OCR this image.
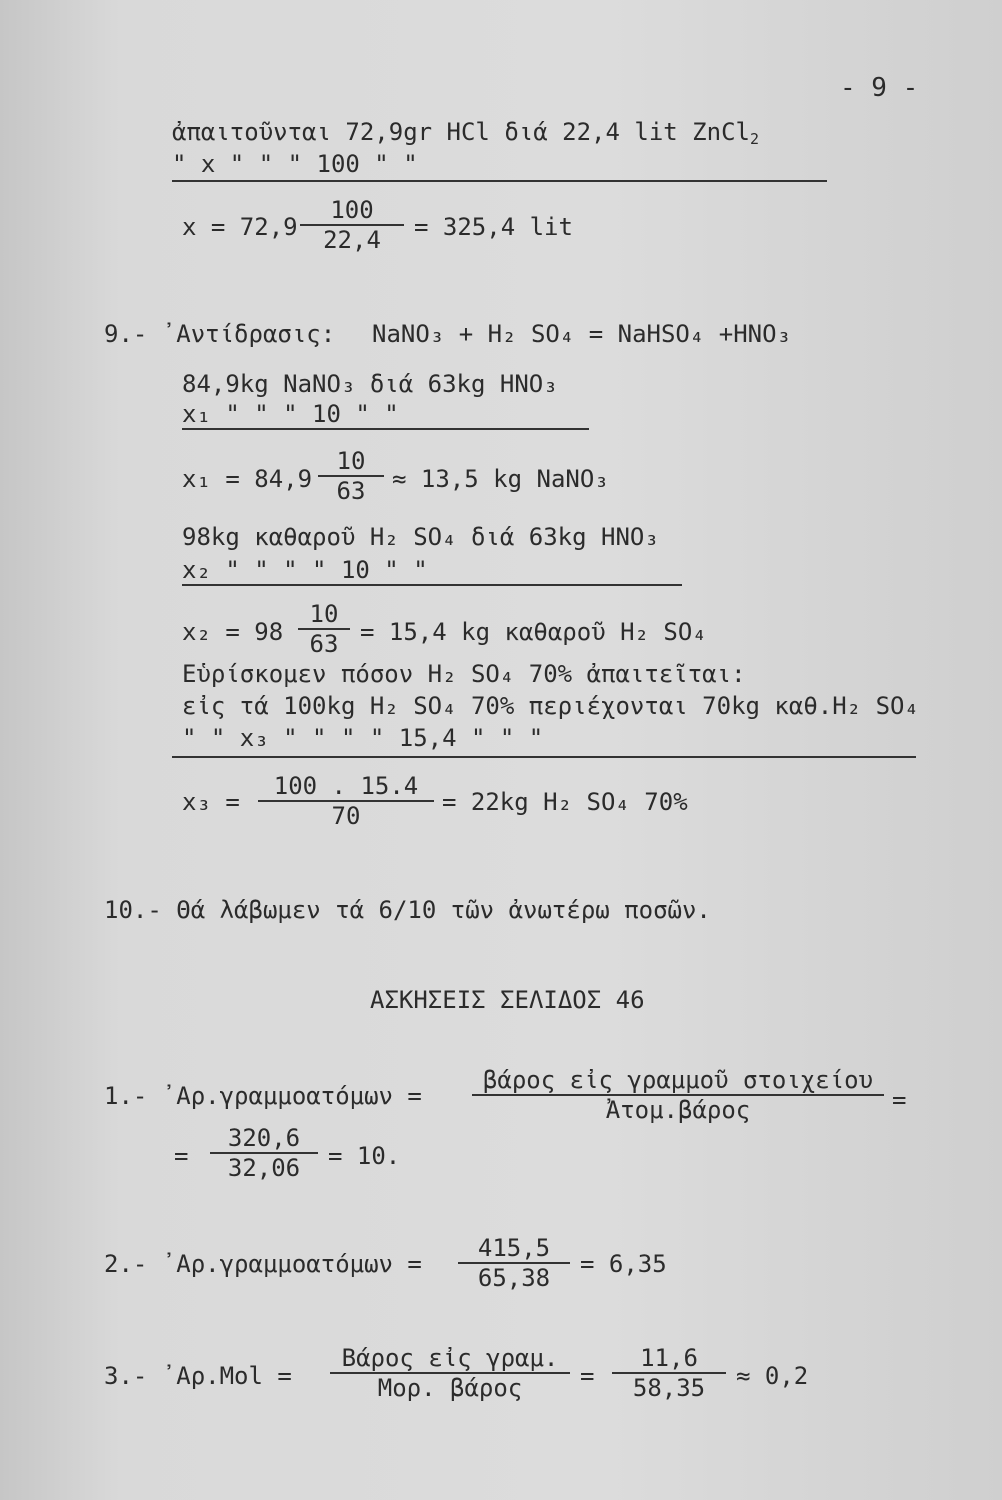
- 9 -
ἀπαιτοῦνται 72,9gr HCl διά 22,4 lit ZnCl2
" x " " " 100 " "
x = 72,9
100
22,4	= 325,4 lit
9.- ᾽Αντίδρασις: NaNO₃ + H₂ SO₄ = NaHSO₄ +HNO₃
84,9kg NaNO₃ διά 63kg HNO₃
x₁ " " " 10 " "
x₁ = 84,9
10
63	≈ 13,5 kg NaNO₃
98kg καθαροῦ H₂ SO₄ διά 63kg HNO₃
x₂ " " " " 10 " "
x₂ = 98
10
63 = 15,4 kg καθαροῦ H₂ SO₄
Εὑρίσκομεν πόσον H₂ SO₄ 70% ἀπαιτεῖται:
εἰς τά 100kg H₂ SO₄ 70% περιέχονται 70kg καθ.H₂ SO₄
" " x₃ " " " " 15,4 " " "
x₃ =
100 . 15.4
70	= 22kg H₂ SO₄ 70%
10.- Θά λάβωμεν τά 6/10 τῶν ἀνωτέρω ποσῶν.
ΑΣΚΗΣΕΙΣ ΣΕΛΙΔΟΣ 46
1.- ᾽Αρ.γραμμοατόμων =
βάρος εἰς γραμμοῦ στοιχείου
Ἀτομ.βάρος	=
=
320,6
32,06	= 10.
2.- ᾽Αρ.γραμμοατόμων =
415,5
65,38	= 6,35
3.- ᾽Αρ.Mol =
Βάρος εἰς γραμ.
Μορ. βάρος	=
11,6
58,35	≈ 0,2
